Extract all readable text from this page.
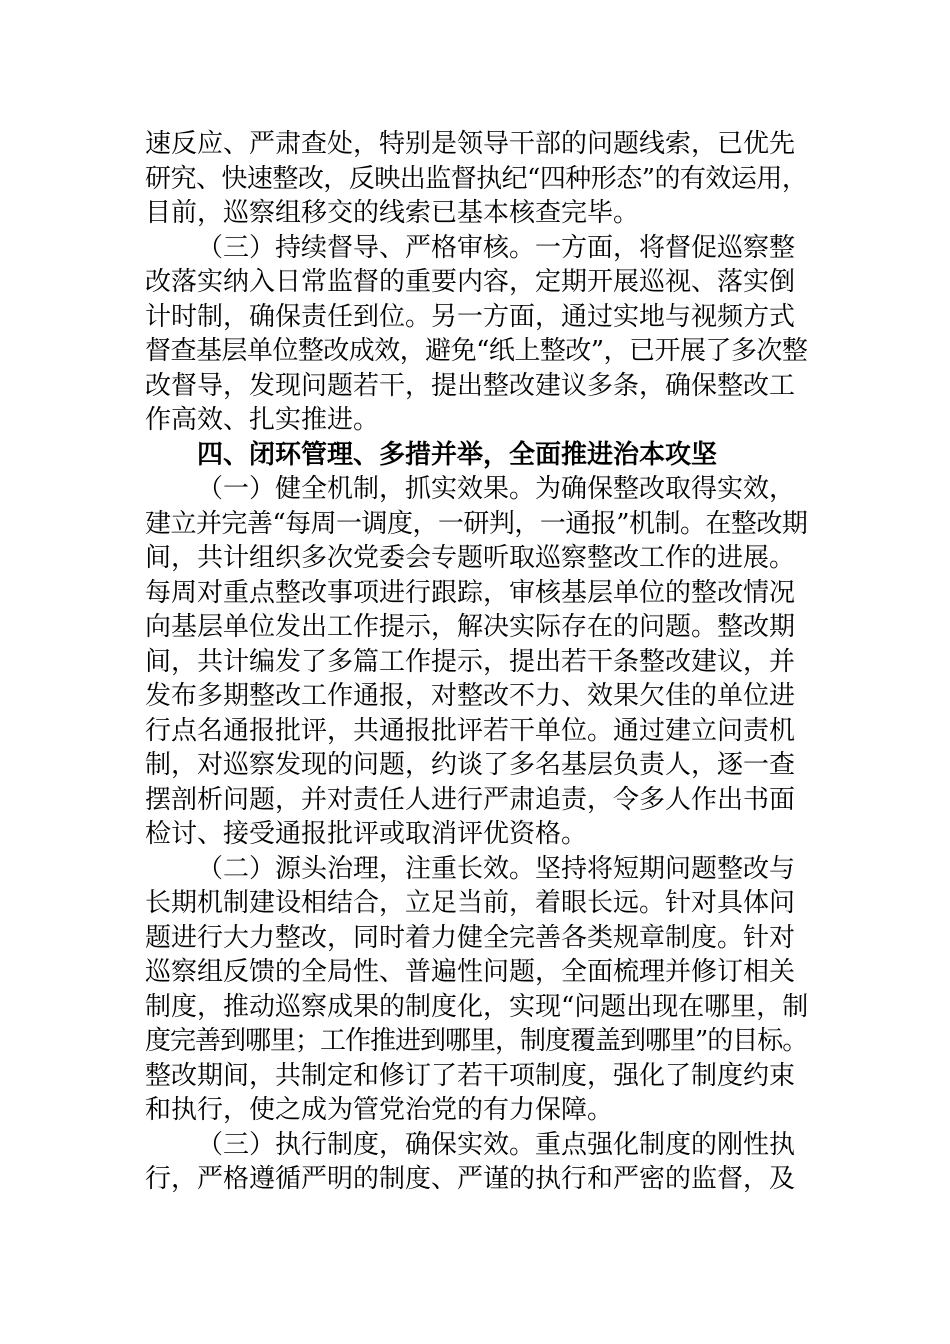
速反应、严肃查处，特别是领导干部的问题线索，已优先
研究、快速整改，反映出监督执纪“四种形态”的有效运用，
目前，巡察组移交的线索已基本核查完毕。
（三）持续督导、严格审核。一方面，将督促巡察整
改落实纳入日常监督的重要内容，定期开展巡视、落实倒
计时制，确保责任到位。另一方面，通过实地与视频方式
督查基层单位整改成效，避免“纸上整改”，已开展了多次整
改督导，发现问题若干，提出整改建议多条，确保整改工
作高效、扎实推进。
四、闭环管理、多措并举，全面推进治本攻坚
（一）健全机制，抓实效果。为确保整改取得实效，
建立并完善“每周一调度，一研判，一通报”机制。在整改期
间，共计组织多次党委会专题听取巡察整改工作的进展。
每周对重点整改事项进行跟踪，审核基层单位的整改情况
向基层单位发出工作提示，解决实际存在的问题。整改期
间，共计编发了多篇工作提示，提出若干条整改建议，并
发布多期整改工作通报，对整改不力、效果欠佳的单位进
行点名通报批评，共通报批评若干单位。通过建立问责机
制，对巡察发现的问题，约谈了多名基层负责人，逐一查
摆剖析问题，并对责任人进行严肃追责，令多人作出书面
检讨、接受通报批评或取消评优资格。
（二）源头治理，注重长效。坚持将短期问题整改与
长期机制建设相结合，立足当前，着眼长远。针对具体问
题进行大力整改，同时着力健全完善各类规章制度。针对
巡察组反馈的全局性、普遍性问题，全面梳理并修订相关
制度，推动巡察成果的制度化，实现“问题出现在哪里，制
度完善到哪里；工作推进到哪里，制度覆盖到哪里”的目标。
整改期间，共制定和修订了若干项制度，强化了制度约束
和执行，使之成为管党治党的有力保障。
（三）执行制度，确保实效。重点强化制度的刚性执
行，严格遵循严明的制度、严谨的执行和严密的监督，及
